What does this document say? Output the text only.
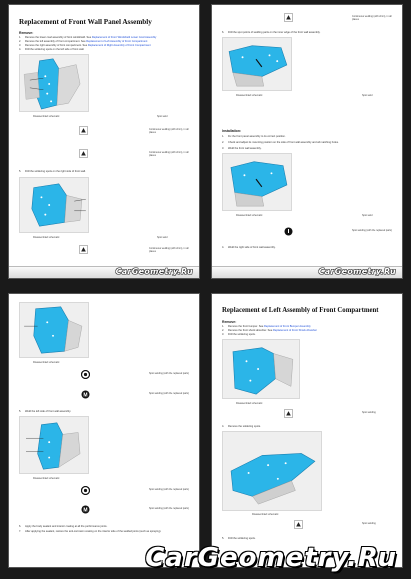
Replacement of Front Wall Panel Assembly
Remove:
1. Remove the lower cowl assembly of front windshield. See Replacement of Front Windshield Lower Cowl Assembly
2. Remove the left assembly of front compartment. See Replacement of Left Assembly of Front Compartment
3. Remove the right assembly of front compartment. See Replacement of Right Assembly of Front Compartment
4. Drill the soldering spots on the left side of front wall.
Disassembled schematic	Spot weld
Continuous welding (with 2mm), in all places
Continuous welding (with 2mm), in all places
5. Drill the soldering spots on the right side of front wall.
Disassembled schematic	Spot weld
Continuous welding (with 2mm), in all places
CarGeometry.Ru
Continuous welding (with 2mm), in all places
6. Drill the spot points of welding parts on the inner edge of the front wall assembly.
Disassembled schematic	Spot weld
Installation:
1. Fix the front panel assembly to its correct position.
2. Check and adjust its mounting position on the side of front wall assembly and all matching holes.
3. Weld the front wall assembly.
Disassembled schematic	Spot weld
Spot welding (with the replaced parts)
4. Weld the right side of front wall assembly.
CarGeometry.Ru
Disassembled schematic
Spot welding (with the replaced parts)
M	Spot welding (with the replaced parts)
5. Weld the left side of front wall assembly.
Disassembled schematic
Spot welding (with the replaced parts)
M	Spot welding (with the replaced parts)
6. Apply the body sealant and interior coating at all the performance joints.
7. After applying the sealant, restore the anti-corrosion coating on the interior side of the welded joints (such as spraying).
Replacement of Left Assembly of Front Compartment
Remove:
1. Remove the front bumper. See Replacement of Front Bumper Assembly
2. Remove the front shock absorber. See Replacement of Front Shock Absorber
3. Drill the soldering spots.
Disassembled schematic
Spot welding
4. Remove the soldering spots.
Disassembled schematic
Spot welding
5. Drill the soldering spots.
CarGeometry.Ru
